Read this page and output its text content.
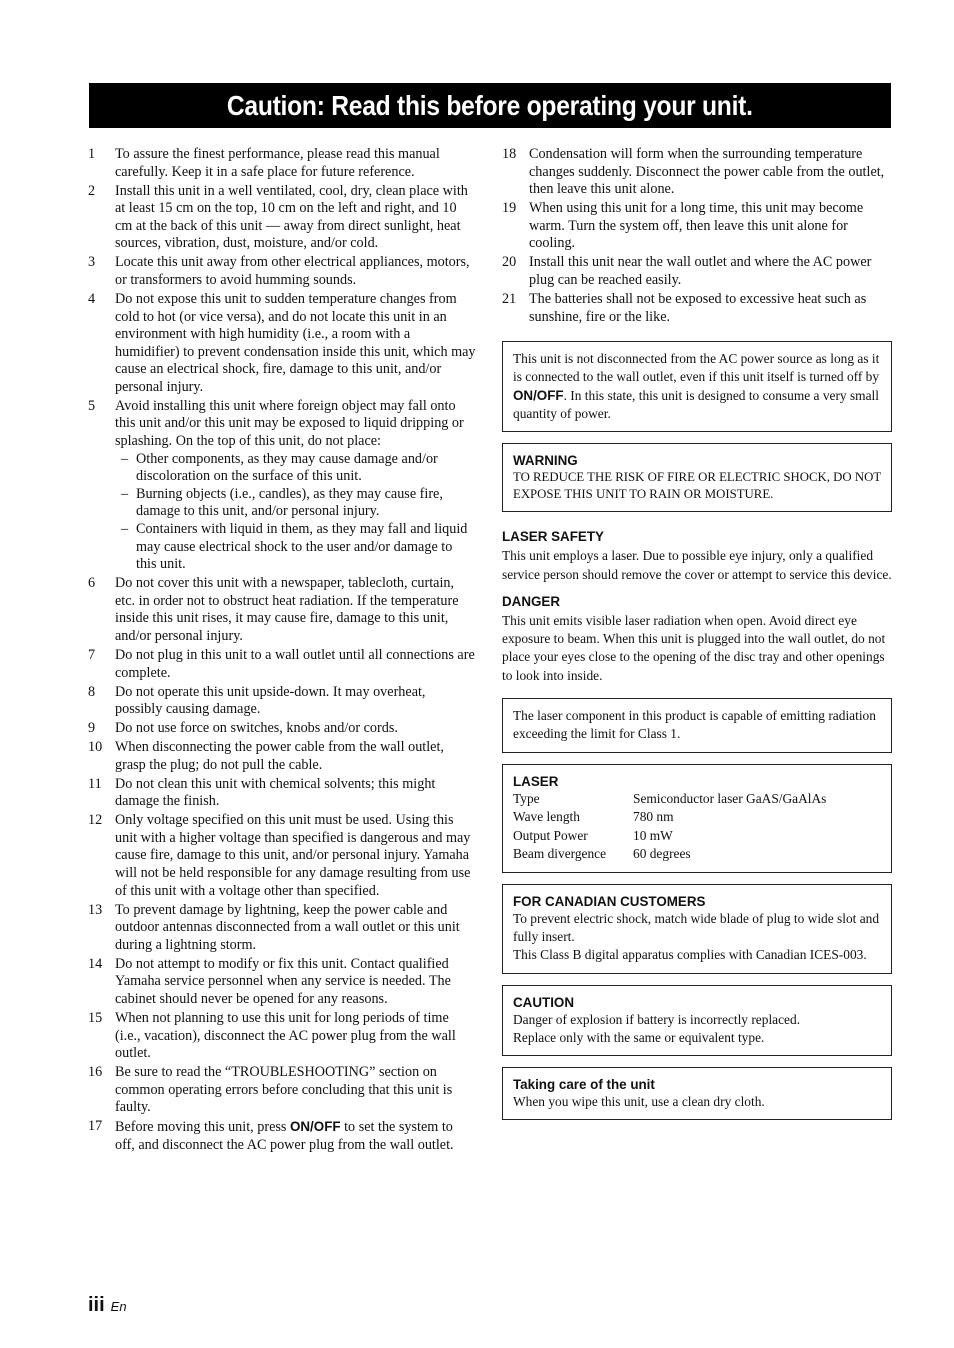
Caution: Read this before operating your unit.
1 To assure the finest performance, please read this manual carefully. Keep it in a safe place for future reference.
2 Install this unit in a well ventilated, cool, dry, clean place with at least 15 cm on the top, 10 cm on the left and right, and 10 cm at the back of this unit — away from direct sunlight, heat sources, vibration, dust, moisture, and/or cold.
3 Locate this unit away from other electrical appliances, motors, or transformers to avoid humming sounds.
4 Do not expose this unit to sudden temperature changes from cold to hot (or vice versa), and do not locate this unit in an environment with high humidity (i.e., a room with a humidifier) to prevent condensation inside this unit, which may cause an electrical shock, fire, damage to this unit, and/or personal injury.
5 Avoid installing this unit where foreign object may fall onto this unit and/or this unit may be exposed to liquid dripping or splashing. On the top of this unit, do not place:
– Other components, as they may cause damage and/or discoloration on the surface of this unit.
– Burning objects (i.e., candles), as they may cause fire, damage to this unit, and/or personal injury.
– Containers with liquid in them, as they may fall and liquid may cause electrical shock to the user and/or damage to this unit.
6 Do not cover this unit with a newspaper, tablecloth, curtain, etc. in order not to obstruct heat radiation. If the temperature inside this unit rises, it may cause fire, damage to this unit, and/or personal injury.
7 Do not plug in this unit to a wall outlet until all connections are complete.
8 Do not operate this unit upside-down. It may overheat, possibly causing damage.
9 Do not use force on switches, knobs and/or cords.
10 When disconnecting the power cable from the wall outlet, grasp the plug; do not pull the cable.
11 Do not clean this unit with chemical solvents; this might damage the finish.
12 Only voltage specified on this unit must be used. Using this unit with a higher voltage than specified is dangerous and may cause fire, damage to this unit, and/or personal injury. Yamaha will not be held responsible for any damage resulting from use of this unit with a voltage other than specified.
13 To prevent damage by lightning, keep the power cable and outdoor antennas disconnected from a wall outlet or this unit during a lightning storm.
14 Do not attempt to modify or fix this unit. Contact qualified Yamaha service personnel when any service is needed. The cabinet should never be opened for any reasons.
15 When not planning to use this unit for long periods of time (i.e., vacation), disconnect the AC power plug from the wall outlet.
16 Be sure to read the “TROUBLESHOOTING” section on common operating errors before concluding that this unit is faulty.
17 Before moving this unit, press ON/OFF to set the system to off, and disconnect the AC power plug from the wall outlet.
18 Condensation will form when the surrounding temperature changes suddenly. Disconnect the power cable from the outlet, then leave this unit alone.
19 When using this unit for a long time, this unit may become warm. Turn the system off, then leave this unit alone for cooling.
20 Install this unit near the wall outlet and where the AC power plug can be reached easily.
21 The batteries shall not be exposed to excessive heat such as sunshine, fire or the like.
This unit is not disconnected from the AC power source as long as it is connected to the wall outlet, even if this unit itself is turned off by ON/OFF. In this state, this unit is designed to consume a very small quantity of power.
WARNING
TO REDUCE THE RISK OF FIRE OR ELECTRIC SHOCK, DO NOT EXPOSE THIS UNIT TO RAIN OR MOISTURE.
LASER SAFETY
This unit employs a laser. Due to possible eye injury, only a qualified service person should remove the cover or attempt to service this device.
DANGER
This unit emits visible laser radiation when open. Avoid direct eye exposure to beam. When this unit is plugged into the wall outlet, do not place your eyes close to the opening of the disc tray and other openings to look into inside.
The laser component in this product is capable of emitting radiation exceeding the limit for Class 1.
LASER
Type	Semiconductor laser GaAS/GaAlAs
Wave length	780 nm
Output Power	10 mW
Beam divergence	60 degrees
FOR CANADIAN CUSTOMERS
To prevent electric shock, match wide blade of plug to wide slot and fully insert.
This Class B digital apparatus complies with Canadian ICES-003.
CAUTION
Danger of explosion if battery is incorrectly replaced.
Replace only with the same or equivalent type.
Taking care of the unit
When you wipe this unit, use a clean dry cloth.
iii En
